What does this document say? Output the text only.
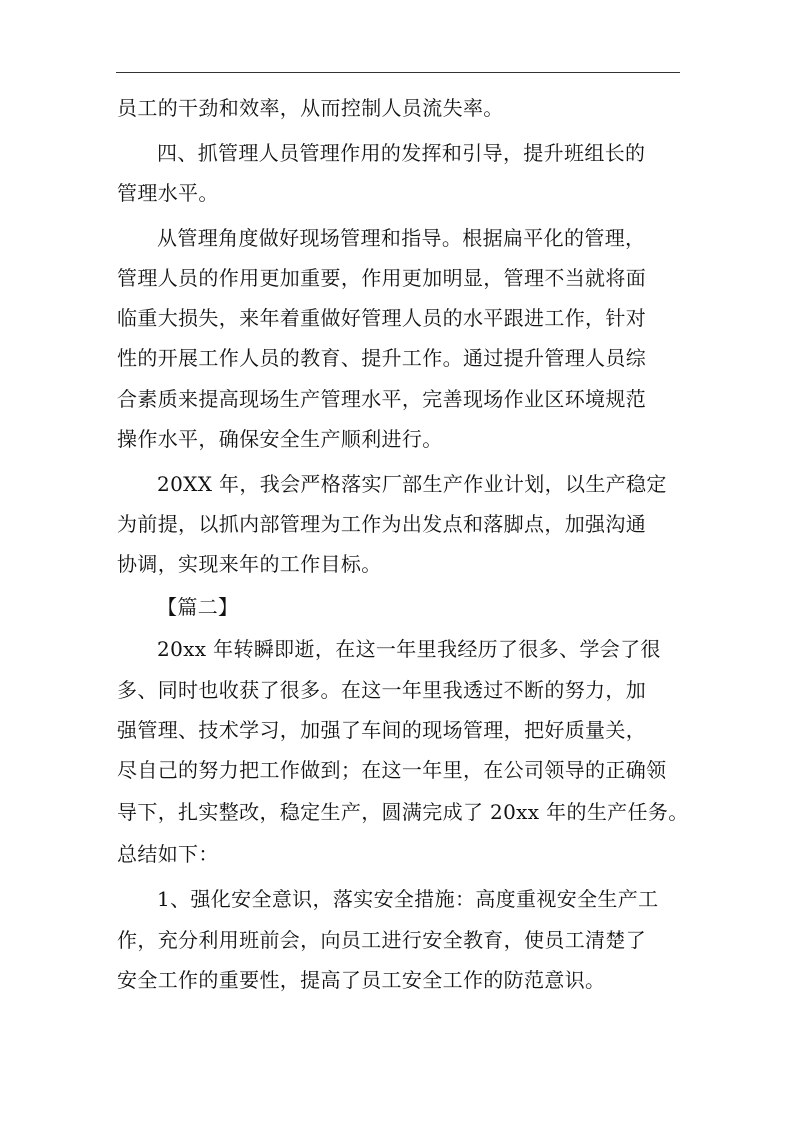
员工的干劲和效率，从而控制人员流失率。
四、抓管理人员管理作用的发挥和引导，提升班组长的
管理水平。
从管理角度做好现场管理和指导。根据扁平化的管理，
管理人员的作用更加重要，作用更加明显，管理不当就将面
临重大损失，来年着重做好管理人员的水平跟进工作，针对
性的开展工作人员的教育、提升工作。通过提升管理人员综
合素质来提高现场生产管理水平，完善现场作业区环境规范
操作水平，确保安全生产顺利进行。
20XX 年，我会严格落实厂部生产作业计划，以生产稳定
为前提，以抓内部管理为工作为出发点和落脚点，加强沟通
协调，实现来年的工作目标。
【篇二】
20xx 年转瞬即逝，在这一年里我经历了很多、学会了很
多、同时也收获了很多。在这一年里我透过不断的努力，加
强管理、技术学习，加强了车间的现场管理，把好质量关，
尽自己的努力把工作做到；在这一年里，在公司领导的正确领
导下，扎实整改，稳定生产，圆满完成了 20xx 年的生产任务。
总结如下：
1、强化安全意识，落实安全措施：高度重视安全生产工
作，充分利用班前会，向员工进行安全教育，使员工清楚了
安全工作的重要性，提高了员工安全工作的防范意识。
